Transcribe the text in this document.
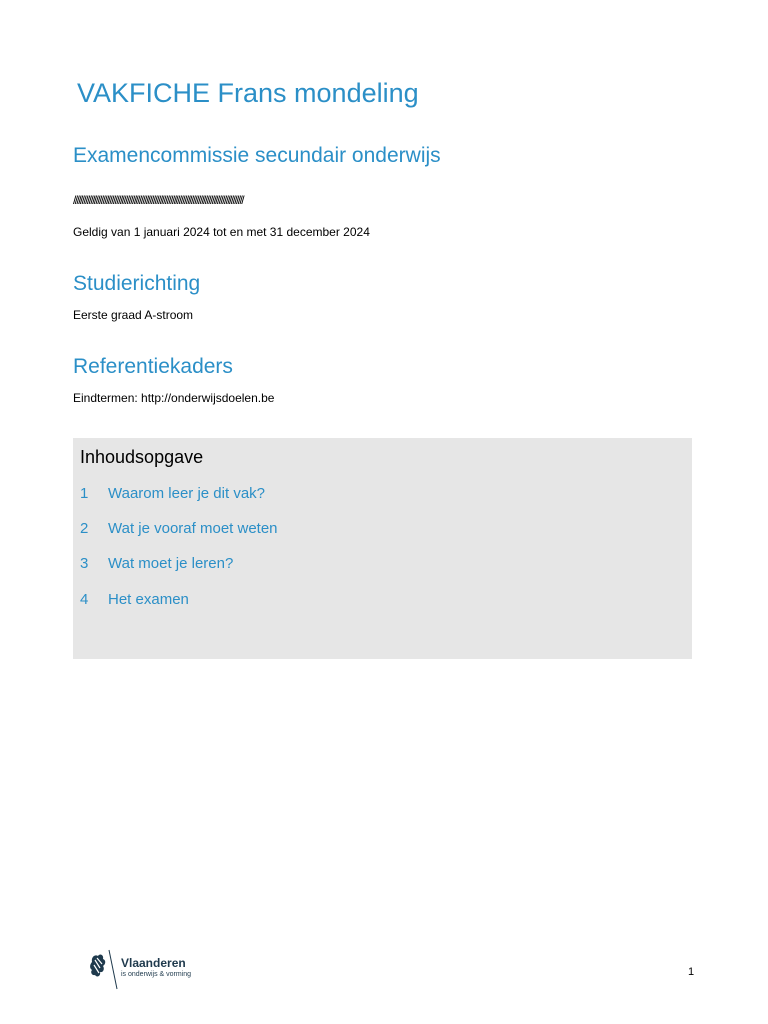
VAKFICHE Frans mondeling
Examencommissie secundair onderwijs
//////////////////////////////////////////////////////////////////////////////////////////////////
Geldig van 1 januari 2024 tot en met 31 december 2024
Studierichting
Eerste graad A-stroom
Referentiekaders
Eindtermen: http://onderwijsdoelen.be
Inhoudsopgave
1 Waarom leer je dit vak?
2 Wat je vooraf moet weten
3 Wat moet je leren?
4 Het examen
Vlaanderen
is onderwijs & vorming	1
